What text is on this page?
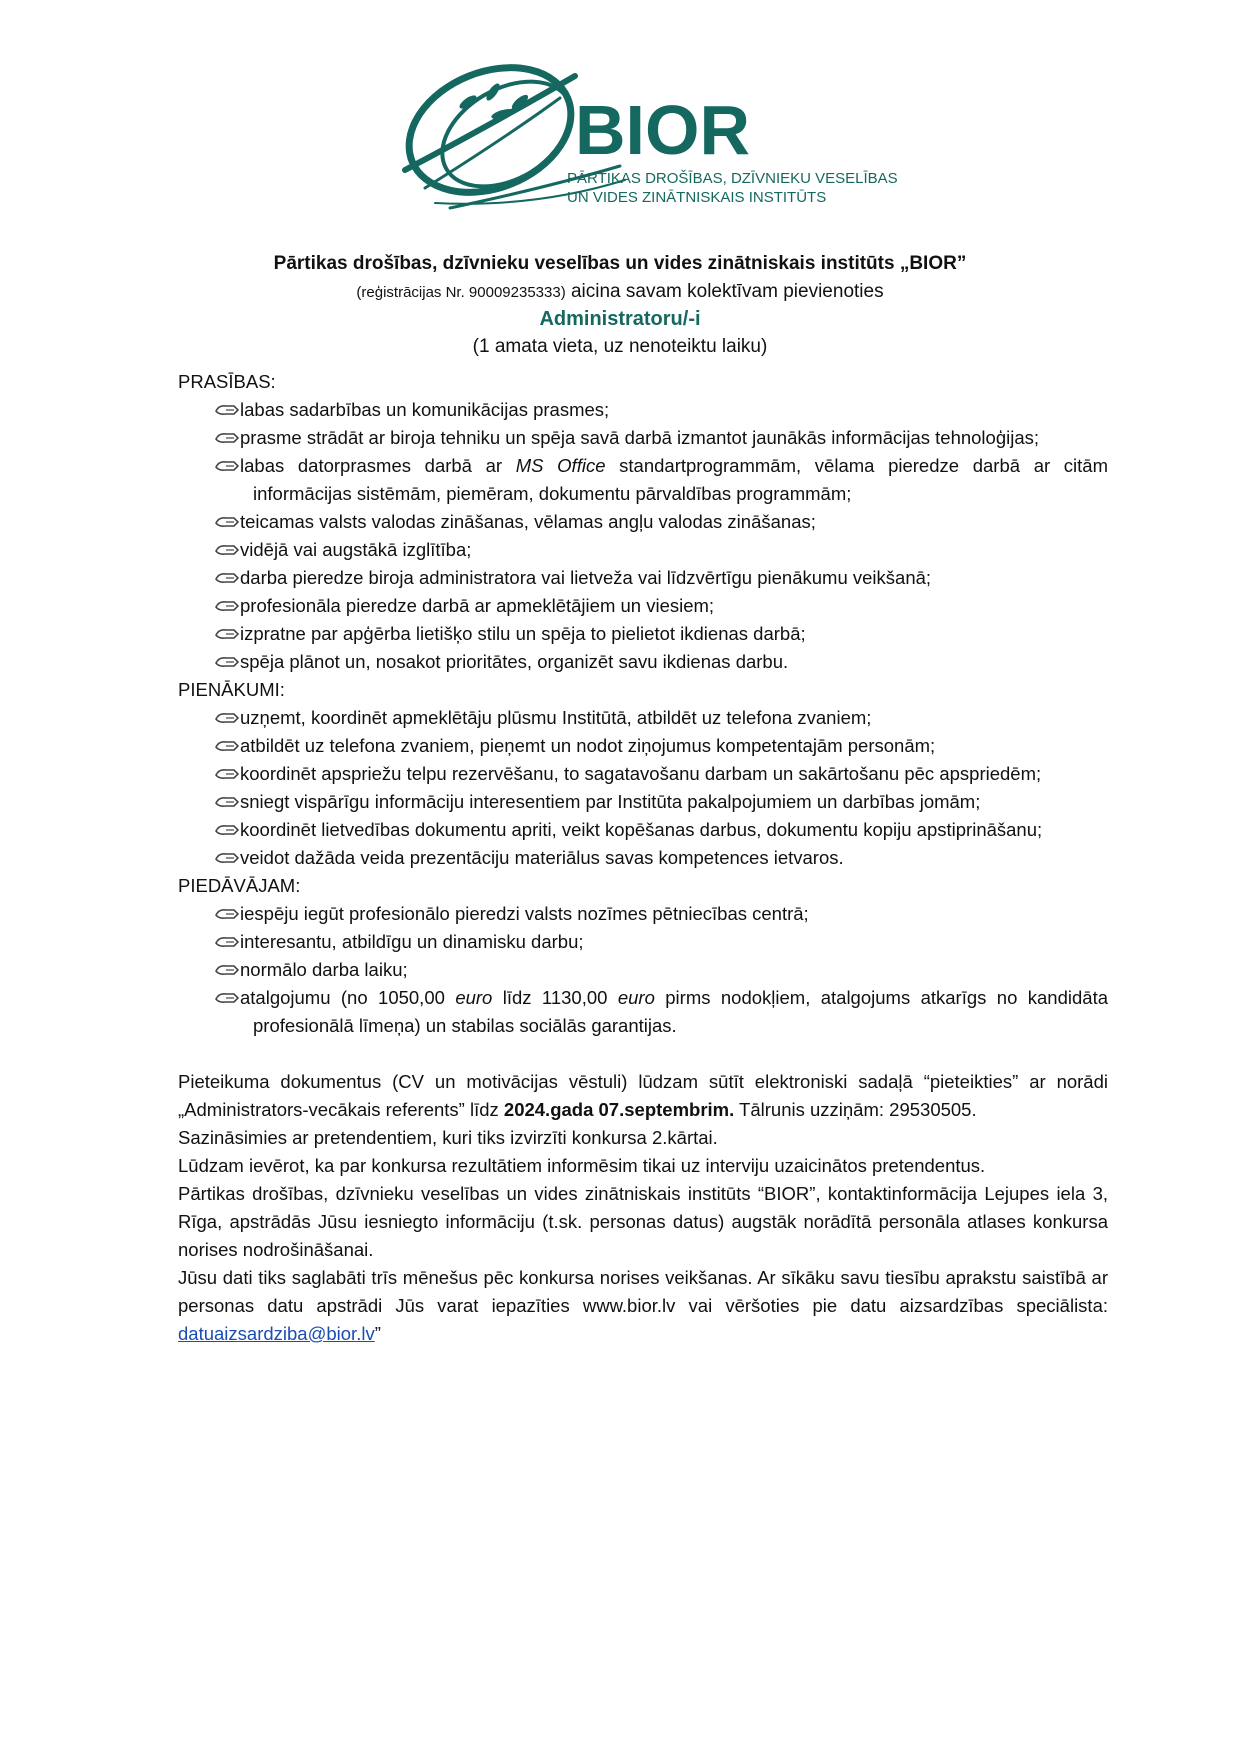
BIOR
PĀRTIKAS DROŠĪBAS, DZĪVNIEKU VESELĪBAS
UN VIDES ZINĀTNISKAIS INSTITŪTS
Pārtikas drošības, dzīvnieku veselības un vides zinātniskais institūts „BIOR”
(reģistrācijas Nr. 90009235333) aicina savam kolektīvam pievienoties
Administratoru/-i
(1 amata vieta, uz nenoteiktu laiku)

PRASĪBAS:

labas sadarbības un komunikācijas prasmes;
prasme strādāt ar biroja tehniku un spēja savā darbā izmantot jaunākās informācijas tehnoloģijas;
labas datorprasmes darbā ar MS Office standartprogrammām, vēlama pieredze darbā ar citām informācijas sistēmām, piemēram, dokumentu pārvaldības programmām;
teicamas valsts valodas zināšanas, vēlamas angļu valodas zināšanas;
vidējā vai augstākā izglītība;
darba pieredze biroja administratora vai lietveža vai līdzvērtīgu pienākumu veikšanā;
profesionāla pieredze darbā ar apmeklētājiem un viesiem;
izpratne par apģērba lietišķo stilu un spēja to pielietot ikdienas darbā;
spēja plānot un, nosakot prioritātes, organizēt savu ikdienas darbu.

PIENĀKUMI:

uzņemt, koordinēt apmeklētāju plūsmu Institūtā, atbildēt uz telefona zvaniem;
atbildēt uz telefona zvaniem, pieņemt un nodot ziņojumus kompetentajām personām;
koordinēt apspriežu telpu rezervēšanu, to sagatavošanu darbam un sakārtošanu pēc apspriedēm;
sniegt vispārīgu informāciju interesentiem par Institūta pakalpojumiem un darbības jomām;
koordinēt lietvedības dokumentu apriti, veikt kopēšanas darbus, dokumentu kopiju apstiprināšanu;
veidot dažāda veida prezentāciju materiālus savas kompetences ietvaros.

PIEDĀVĀJAM:

iespēju iegūt profesionālo pieredzi valsts nozīmes pētniecības centrā;
interesantu, atbildīgu un dinamisku darbu;
normālo darba laiku;
atalgojumu (no 1050,00 euro līdz 1130,00 euro pirms nodokļiem, atalgojums atkarīgs no kandidāta profesionālā līmeņa) un stabilas sociālās garantijas.

Pieteikuma dokumentus (CV un motivācijas vēstuli) lūdzam sūtīt elektroniski sadaļā “pieteikties” ar norādi „Administrators-vecākais referents” līdz 2024.gada 07.septembrim. Tālrunis uzziņām: 29530505.

Sazināsimies ar pretendentiem, kuri tiks izvirzīti konkursa 2.kārtai.

Lūdzam ievērot, ka par konkursa rezultātiem informēsim tikai uz interviju uzaicinātos pretendentus.

Pārtikas drošības, dzīvnieku veselības un vides zinātniskais institūts “BIOR”, kontaktinformācija Lejupes iela 3, Rīga, apstrādās Jūsu iesniegto informāciju (t.sk. personas datus) augstāk norādītā personāla atlases konkursa norises nodrošināšanai.

Jūsu dati tiks saglabāti trīs mēnešus pēc konkursa norises veikšanas. Ar sīkāku savu tiesību aprakstu saistībā ar personas datu apstrādi Jūs varat iepazīties www.bior.lv vai vēršoties pie datu aizsardzības speciālista: datuaizsardziba@bior.lv”
